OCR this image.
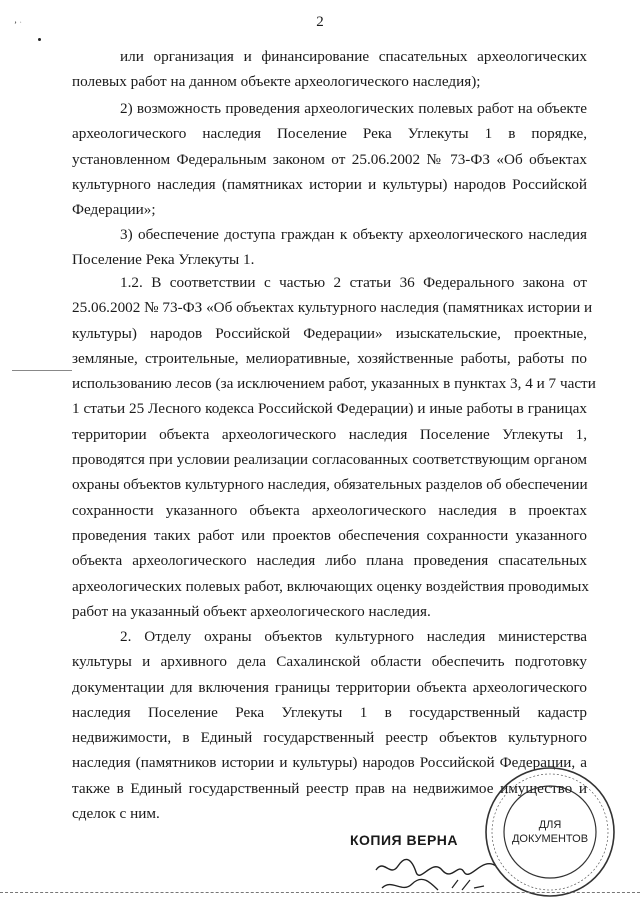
2
ʼ ͘
или организация и финансирование спасательных археологических
полевых работ на данном объекте археологического наследия);
2) возможность проведения археологических полевых работ на объекте
археологического наследия Поселение Река Углекуты 1 в порядке,
установленном Федеральным законом от 25.06.2002 № 73-ФЗ «Об объектах
культурного наследия (памятниках истории и культуры) народов Российской
Федерации»;
3) обеспечение доступа граждан к объекту археологического наследия
Поселение Река Углекуты 1.
1.2. В соответствии с частью 2 статьи 36 Федерального закона от
25.06.2002 № 73-ФЗ «Об объектах культурного наследия (памятниках истории и
культуры) народов Российской Федерации» изыскательские, проектные,
земляные, строительные, мелиоративные, хозяйственные работы, работы по
использованию лесов (за исключением работ, указанных в пунктах 3, 4 и 7 части
1 статьи 25 Лесного кодекса Российской Федерации) и иные работы в границах
территории объекта археологического наследия Поселение Углекуты 1,
проводятся при условии реализации согласованных соответствующим органом
охраны объектов культурного наследия, обязательных разделов об обеспечении
сохранности указанного объекта археологического наследия в проектах
проведения таких работ или проектов обеспечения сохранности указанного
объекта археологического наследия либо плана проведения спасательных
археологических полевых работ, включающих оценку воздействия проводимых
работ на указанный объект археологического наследия.
2. Отделу охраны объектов культурного наследия министерства
культуры и архивного дела Сахалинской области обеспечить подготовку
документации для включения границы территории объекта археологического
наследия Поселение Река Углекуты 1 в государственный кадастр
недвижимости, в Единый государственный реестр объектов культурного
наследия (памятников истории и культуры) народов Российской Федерации, а
также в Единый государственный реестр прав на недвижимое имущество и
сделок с ним.
КОПИЯ ВЕРНА
ДЛЯ
ДОКУМЕНТОВ
